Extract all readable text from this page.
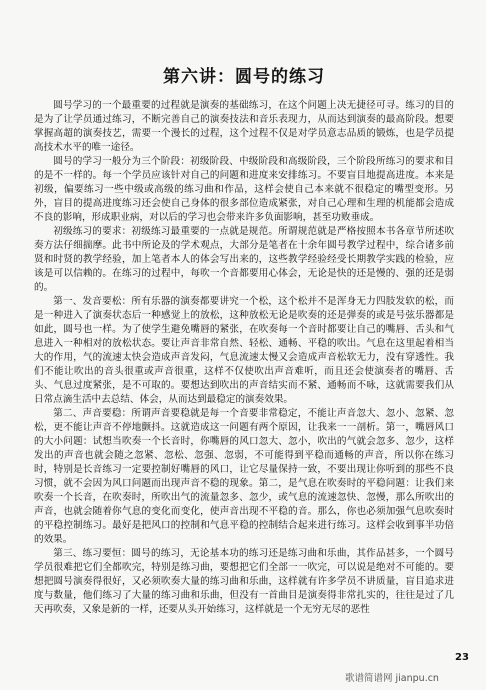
第六讲：圆号的练习

圆号学习的一个最重要的过程就是演奏的基础练习，在这个问题上决无捷径可寻。练习的目的是为了让学员通过练习，不断完善自己的演奏技法和音乐表现力，从而达到演奏的最高阶段。想要掌握高超的演奏技艺，需要一个漫长的过程，这个过程不仅是对学员意志品质的锻炼，也是学员提高技术水平的唯一途径。

圆号的学习一般分为三个阶段：初级阶段、中级阶段和高级阶段，三个阶段所练习的要求和目的是不一样的。每一个学员应该针对自己的问题和进度来安排练习。不要盲目地提高进度。本来是初级，偏要练习一些中级或高级的练习曲和作品，这样会使自己本来就不很稳定的嘴型变形。另外，盲目的提高进度练习还会使自己身体的很多部位造成紧张，对自己心理和生理的机能都会造成不良的影响，形成职业病，对以后的学习也会带来许多负面影响，甚至功败垂成。

初级练习的要求：初级练习最重要的一点就是规范。所谓规范就是严格按照本书各章节所述吹奏方法仔细揣摩。此书中所论及的学术观点，大部分是笔者在十余年圆号教学过程中，综合诸多前贤和时贤的教学经验，加上笔者本人的体会写出来的，这些教学经验经受长期教学实践的检验，应该是可以信赖的。在练习的过程中，每吹一个音都要用心体会，无论是快的还是慢的、强的还是弱的。

第一、发音要松：所有乐器的演奏都要讲究一个松，这个松并不是浑身无力四肢发软的松，而是一种进入了演奏状态后一种感觉上的放松，这种放松无论是吹奏的还是弹奏的或是号弦乐器都是如此，圆号也一样。为了使学生避免嘴唇的紧张，在吹奏每一个音时都要让自己的嘴唇、舌头和气息进入一种相对的放松状态。要让声音非常自然、轻松、通畅、平稳的吹出。气息在这里起着相当大的作用，气的流速太快会造成声音发闷，气息流速太慢又会造成声音松软无力，没有穿透性。我们不能让吹出的音头很重或声音很重，这样不仅使吹出声音难听，而且还会使演奏者的嘴唇、舌头、气息过度紧张，是不可取的。要想达到吹出的声音结实而不紧、通畅而不咏，这就需要我们从日常点滴生活中去总结、体会，从而达到最稳定的演奏效果。

第二、声音要稳：所谓声音要稳就是每一个音要非常稳定，不能让声音忽大、忽小、忽紧、忽松，更不能让声音不停地颤抖。这就造成这一问题有两个原因，让我来一一剖析。第一，嘴唇风口的大小问题：试想当吹奏一个长音时，你嘴唇的风口忽大、忽小，吹出的气就会忽多、忽少，这样发出的声音也就会随之忽紧、忽松、忽强、忽弱，不可能得到平稳而通畅的声音，所以你在练习时，特别是长音练习一定要控制好嘴唇的风口，让它尽量保持一致，不要出现让你听到的那些不良习惯，就不会因为风口问题而出现声音不稳的现象。第二，是气息在吹奏时的平稳问题：让我们来吹奏一个长音，在吹奏时，所吹出气的流量忽多、忽少，或气息的流速忽快、忽慢，那么所吹出的声音，也就会随着你气息的变化而变化，使声音出现不平稳的音。那么，你也必须加强气息吹奏时的平稳控制练习。最好是把风口的控制和气息平稳的控制结合起来进行练习。这样会收到事半功倍的效果。

第三、练习要恒：圆号的练习，无论基本功的练习还是练习曲和乐曲，其作品甚多，一个圆号学员很难把它们全都吹完，特别是练习曲，要想把它们全部一一吹完，可以说是绝对不可能的。要想把圆号演奏得很好，又必须吹奏大量的练习曲和乐曲，这样就有许多学员不讲质量，盲目追求进度与数量，他们练习了大量的练习曲和乐曲，但没有一首曲目是演奏得非常扎实的，往往是过了几天再吹奏，又象是新的一样，还要从头开始练习，这样就是一个无穷无尽的恶性

23
歌谱简谱网 jianpu.cn
